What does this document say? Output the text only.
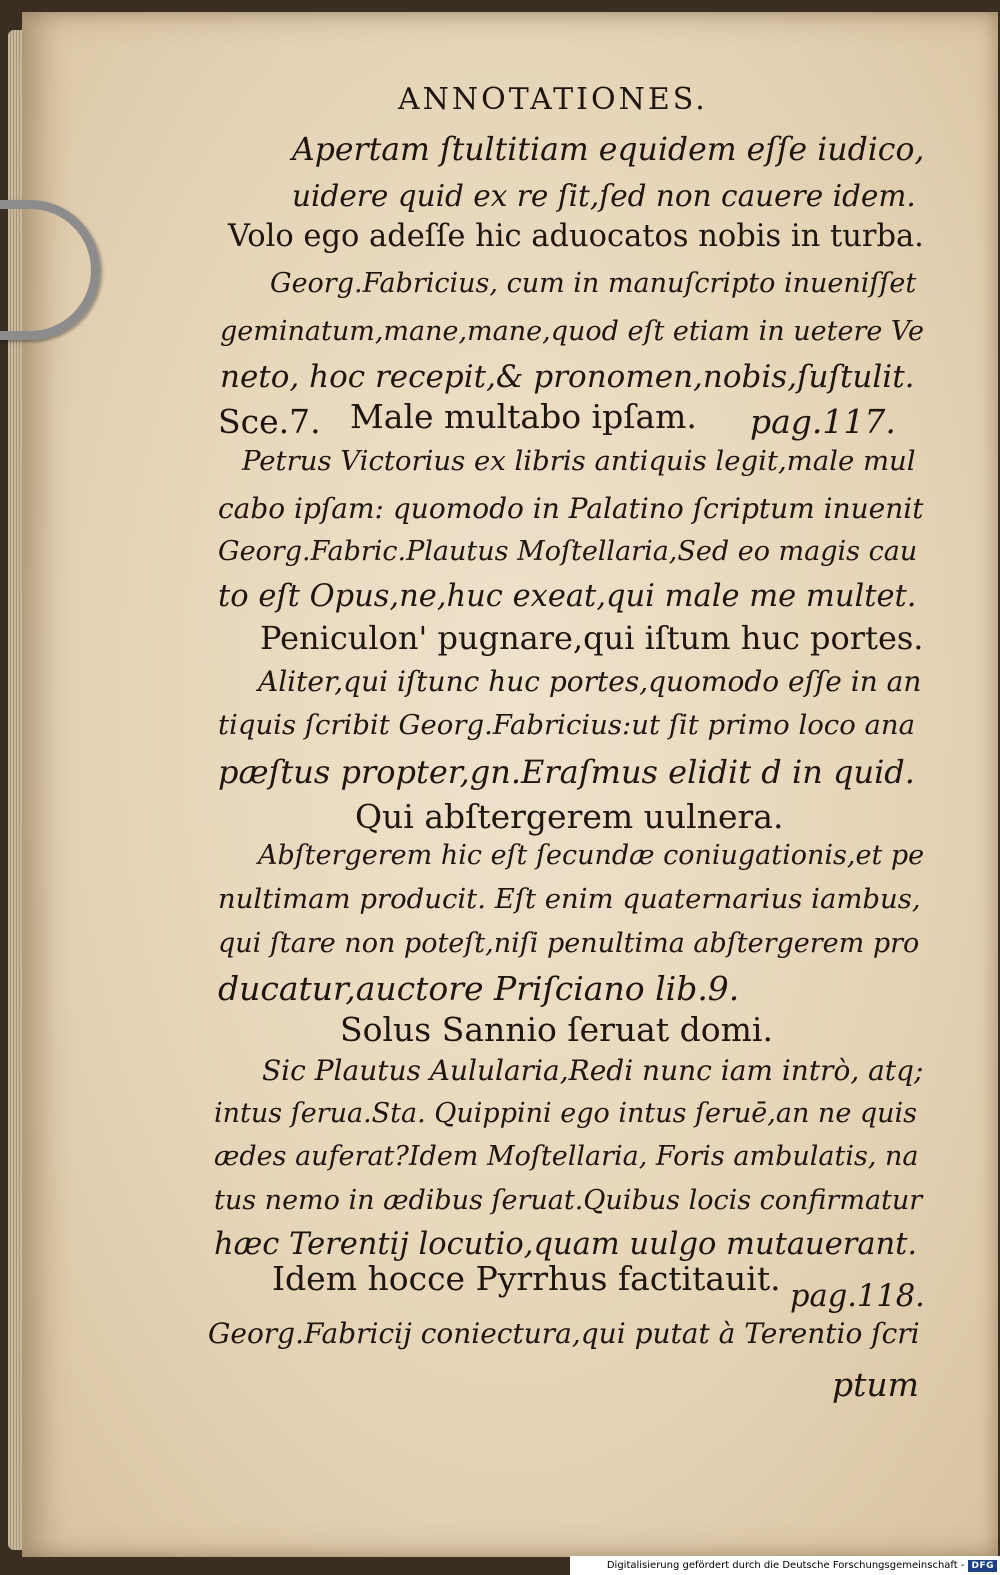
ANNOTATIONES.

Apertam ſtultitiam equidem eſſe iudico,

uidere quid ex re ſit,ſed non cauere idem.

Volo ego adeſſe hic aduocatos nobis in turba.

Georg.Fabricius, cum in manuſcripto inueniſſet

geminatum,mane,mane,quod eſt etiam in uetere Ve

neto, hoc recepit,& pronomen,nobis,ſuſtulit.

Sce.7. Male multabo ipſam. pag.117.

Petrus Victorius ex libris antiquis legit,male mul

cabo ipſam: quomodo in Palatino ſcriptum inuenit

Georg.Fabric.Plautus Moſtellaria,Sed eo magis cau

to eſt Opus,ne,huc exeat,qui male me multet.

Peniculon' pugnare,qui iſtum huc portes.

Aliter,qui iſtunc huc portes,quomodo eſſe in an

tiquis ſcribit Georg.Fabricius:ut ſit primo loco ana

pæſtus propter,gn.Eraſmus elidit d in quid.

Qui abſtergerem uulnera.

Abſtergerem hic eſt ſecundæ coniugationis,et pe

nultimam producit. Eſt enim quaternarius iambus,

qui ſtare non poteſt,niſi penultima abſtergerem pro

ducatur,auctore Priſciano lib.9.

Solus Sannio ſeruat domi.

Sic Plautus Aulularia,Redi nunc iam intrò, atq;

intus ſerua.Sta. Quippini ego intus ſeruē,an ne quis

ædes auferat?Idem Moſtellaria, Foris ambulatis, na

tus nemo in ædibus ſeruat.Quibus locis confirmatur

hæc Terentij locutio,quam uulgo mutauerant.

Idem hocce Pyrrhus factitauit. pag.118.

Georg.Fabricij coniectura,qui putat à Terentio ſcri

ptum

Digitalisierung gefördert durch die Deutsche Forschungsgemeinschaft - DFG
